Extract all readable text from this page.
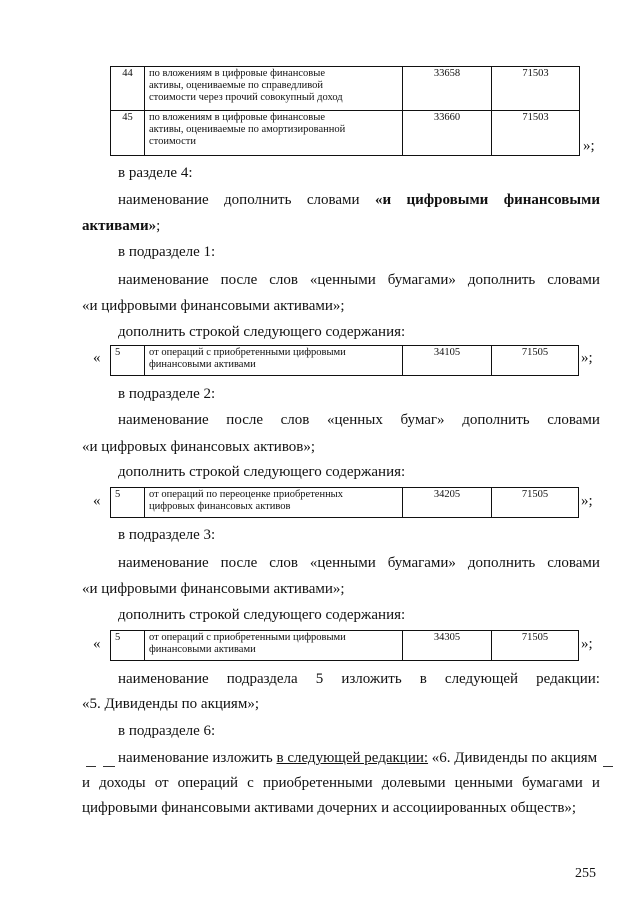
44	по вложениям в цифровые финансовые
активы, оцениваемые по справедливой
стоимости через прочий совокупный доход	33658	71503
45	по вложениям в цифровые финансовые
активы, оцениваемые по амортизированной
стоимости	33660	71503
»;
в разделе 4:
наименование дополнить словами «и цифровыми финансовыми
активами»;
в подразделе 1:
наименование после слов «ценными бумагами» дополнить словами
«и цифровыми финансовыми активами»;
дополнить строкой следующего содержания:
« 5	от операций с приобретенными цифровыми
финансовыми активами
	34105	71505 »;
в подразделе 2:
наименование после слов «ценных бумаг» дополнить словами
«и цифровых финансовых активов»;
дополнить строкой следующего содержания:
« 5	от операций по переоценке приобретенных
цифровых финансовых активов
	34205	71505 »;
в подразделе 3:
наименование после слов «ценными бумагами» дополнить словами
«и цифровыми финансовыми активами»;
дополнить строкой следующего содержания:
« 5	от операций с приобретенными цифровыми
финансовыми активами
	34305	71505 »;
наименование подраздела 5 изложить в следующей редакции:
«5. Дивиденды по акциям»;
в подразделе 6:
наименование изложить в следующей редакции: «6. Дивиденды по акциям
и доходы от операций с приобретенными долевыми ценными бумагами и
цифровыми финансовыми активами дочерних и ассоциированных обществ»;
255
